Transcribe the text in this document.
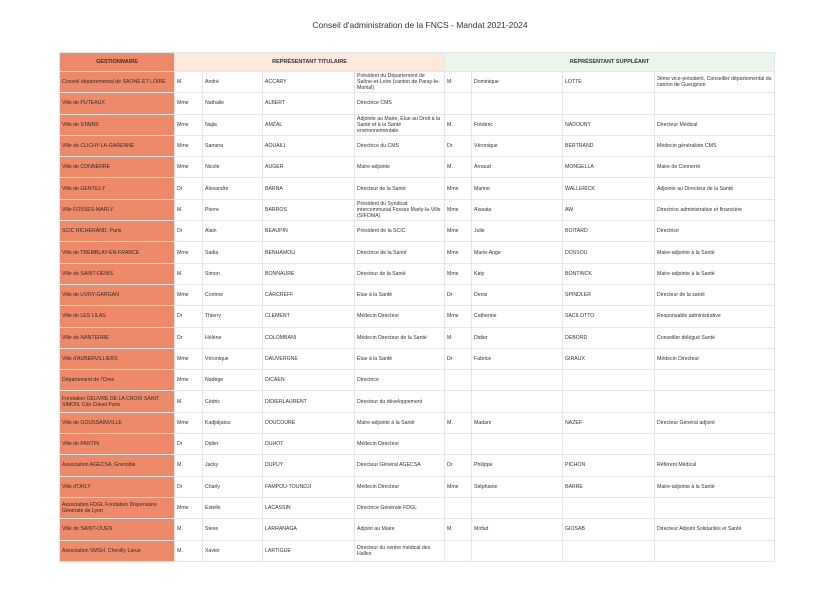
Conseil d'administration de la FNCS - Mandat 2021-2024
GESTIONNAIRE	REPRÉSENTANT TITULAIRE				REPRÉSENTANT SUPPLÉANT			
Conseil départemental de SAONE ET LOIRE	M.	André	ACCARY	Président du Département de Saône-et-Loire (canton de Paray-le-Monial)	M.	Dominique	LOTTE	3ème vice-président, Conseiller départemental du canton de Gueugnon
Ville de PUTEAUX	Mme	Nathalie	ALBERT	Directrice CMS				
Ville de STAINS	Mme	Najia	AMZAL	Adjointe au Maire, Elue au Droit à la Santé et à la Santé environnementale	M.	Frédéric	NADOUNY	Directeur Médical
Ville de CLICHY-LA-GARENNE	Mme	Samera	AOUAILI	Directrice du CMS	Dr	Véronique	BERTRAND	Médecin généraliste CMS
Ville de CONNERRE	Mme	Nicole	AUGER	Maire-adjointe	M.	Arnaud	MONGELLA	Maire de Connerré
Ville de GENTILLY	Dr	Alexandre	BARNA	Directeur de la Santé	Mme	Marine	WALLERICK	Adjointe au Directeur de la Santé
Ville FOSSES-MARLY	M.	Pierre	BARROS	Président du Syndicat intercommunal Fosses Marly-la-Ville (SIFOMA)	Mme	Aïssata	AW	Directrice administrative et financière
SCIC RICHERAND, Paris	Dr	Alain	BEAUPIN	Président de la SCIC	Mme	Julie	BOITARD	Directrice
Ville de TREMBLAY-EN-FRANCE	Mme	Sadia	BENHAMOU	Directrice de la Santé	Mme	Marie-Ange	DOSSOU	Maire-adjointe à la Santé
Ville de SAINT-DENIS	M.	Simon	BONNAURE	Directeur de la Santé	Mme	Katy	BONTINCK	Maire-adjointe à la Santé
Ville de LIVRY-GARGAN	Mme	Corinne	CARCREFF	Elue à la Santé	Dr	Denis	SPINDLER	Directeur de la santé
Ville de LES LILAS	Dr	Thierry	CLEMENT	Médecin Directeur	Mme	Catherine	SACILOTTO	Responsable administrative
Ville de NANTERRE	Dr	Hélène	COLOMBANI	Médecin Directeur de la Santé	M.	Didier	DEBORD	Conseiller délégué Santé
Ville d'AUBERVILLIERS	Mme	Véronique	DAUVERGNE	Élue à la Santé	Dr	Fabrice	GIRAUX	Médecin Directeur
Département de l'Orne	Mme	Nadège	DICAEN	Directrice				
Fondation OEUVRE DE LA CROIX SAINT SIMON, Cds Clavel Paris	M.	Cédric	DIDIERLAURENT	Directeur du développement				
Ville de GOUSSAINVILLE	Mme	Kadjidjatou	DOUCOURE	Maire-adjointe à la Santé	M.	Madani	NAZEF	Directeur Général adjoint
Ville de PANTIN	Dr	Didier	DUHOT	Médecin Directeur				
Association AGECSA, Grenoble	M.	Jacky	DUPUY	Directeur Général AGECSA	Dr	Philippe	PICHON	Référent Médical
Ville d'ORLY	Dr	Charly	FAMPOU-TOUNDJI	Médecin Directeur	Mme	Stéphanie	BARRE	Maire-adjointe à la Santé
Association FDGL Fondation Dispensaire Générale de Lyon	Mme	Estelle	LACASSIN	Directrice Générale FDGL				
Ville de SAINT-OUEN	M.	Steve	LARRANAGA	Adjoint au Maire	M.	Mofad	GIOSAB	Directeur Adjoint Solidarités et Santé
Association SMSH, Chevilly Larue	M.	Xavier	LARTIGUE	Directeur du centre médical des Halles				
